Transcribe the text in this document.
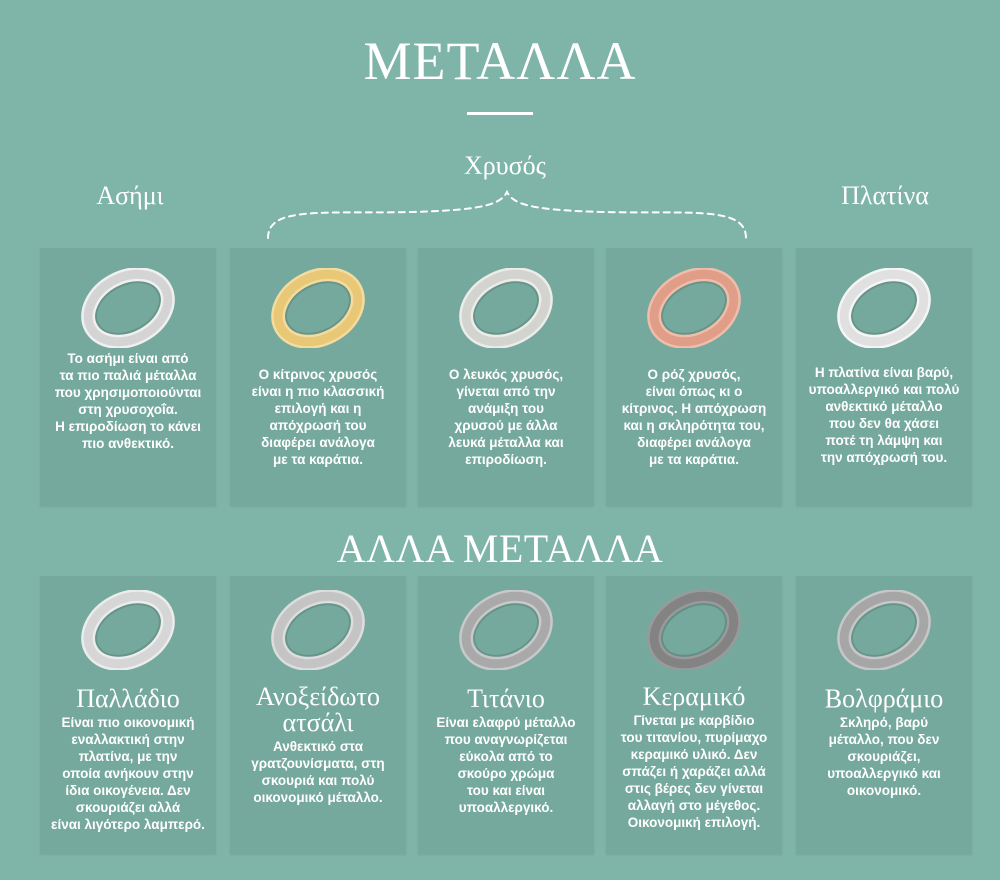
ΜΕΤΑΛΛΑ
Ασήμι
Χρυσός
Πλατίνα
Το ασήμι είναι από
τα πιο παλιά μέταλλα
που χρησιμοποιούνται
στη χρυσοχοΐα.
Η επιροδίωση το κάνει
πιο ανθεκτικό.
Ο κίτρινος χρυσός
είναι η πιο κλασσική
επιλογή και η
απόχρωσή του
διαφέρει ανάλογα
με τα καράτια.
Ο λευκός χρυσός,
γίνεται από την
ανάμιξη του
χρυσού με άλλα
λευκά μέταλλα και
επιροδίωση.
Ο ρόζ χρυσός,
είναι όπως κι ο
κίτρινος. Η απόχρωση
και η σκληρότητα του,
διαφέρει ανάλογα
με τα καράτια.
Η πλατίνα είναι βαρύ,
υποαλλεργικό και πολύ
ανθεκτικό μέταλλο
που δεν θα χάσει
ποτέ τη λάμψη και
την απόχρωσή του.
ΑΛΛΑ ΜΕΤΑΛΛΑ
Παλλάδιο
Είναι πιο οικονομική
εναλλακτική στην
πλατίνα, με την
οποία ανήκουν στην
ίδια οικογένεια. Δεν
σκουριάζει αλλά
είναι λιγότερο λαμπερό.
Ανοξείδωτο
ατσάλι
Ανθεκτικό στα
γρατζουνίσματα, στη
σκουριά και πολύ
οικονομικό μέταλλο.
Τιτάνιο
Είναι ελαφρύ μέταλλο
που αναγνωρίζεται
εύκολα από το
σκούρο χρώμα
του και είναι
υποαλλεργικό.
Κεραμικό
Γίνεται με καρβίδιο
του τιτανίου, πυρίμαχο
κεραμικό υλικό. Δεν
σπάζει ή χαράζει αλλά
στις βέρες δεν γίνεται
αλλαγή στο μέγεθος.
Οικονομική επιλογή.
Βολφράμιο
Σκληρό, βαρύ
μέταλλο, που δεν
σκουριάζει,
υποαλλεργικό και
οικονομικό.
